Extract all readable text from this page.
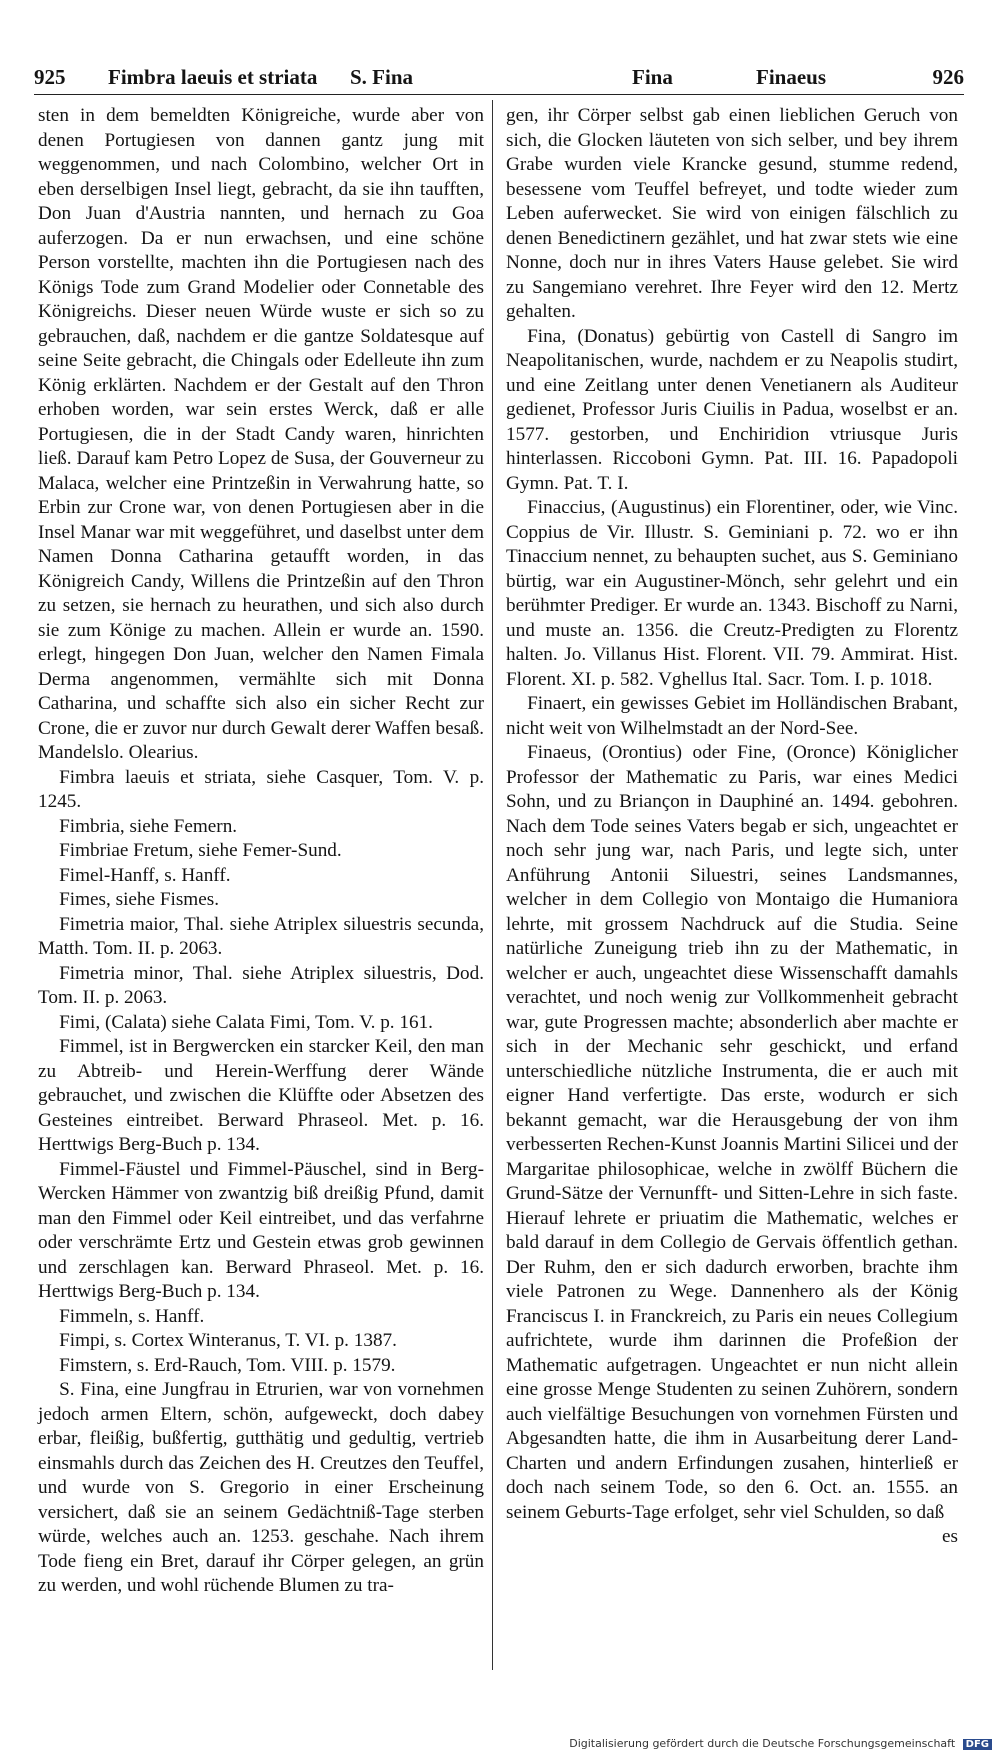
925 Fimbra laeuis et striata S. Fina	Fina	Finaeus	926

sten in dem bemeldten Königreiche, wurde aber von denen Portugiesen von dannen gantz jung mit weggenommen, und nach Colombino, welcher Ort in eben derselbigen Insel liegt, gebracht, da sie ihn taufften, Don Juan d'Austria nannten, und hernach zu Goa auferzogen. Da er nun erwachsen, und eine schöne Person vorstellte, machten ihn die Portugiesen nach des Königs Tode zum Grand Modelier oder Connetable des Königreichs. Dieser neuen Würde wuste er sich so zu gebrauchen, daß, nachdem er die gantze Soldatesque auf seine Seite gebracht, die Chingals oder Edelleute ihn zum König erklärten. Nachdem er der Gestalt auf den Thron erhoben worden, war sein erstes Werck, daß er alle Portugiesen, die in der Stadt Candy waren, hinrichten ließ. Darauf kam Petro Lopez de Susa, der Gouverneur zu Malaca, welcher eine Printzeßin in Verwahrung hatte, so Erbin zur Crone war, von denen Portugiesen aber in die Insel Manar war mit weggeführet, und daselbst unter dem Namen Donna Catharina getaufft worden, in das Königreich Candy, Willens die Printzeßin auf den Thron zu setzen, sie hernach zu heurathen, und sich also durch sie zum Könige zu machen. Allein er wurde an. 1590. erlegt, hingegen Don Juan, welcher den Namen Fimala Derma angenommen, vermählte sich mit Donna Catharina, und schaffte sich also ein sicher Recht zur Crone, die er zuvor nur durch Gewalt derer Waffen besaß. Mandelslo. Olearius.

Fimbra laeuis et striata, siehe Casquer, Tom. V. p. 1245.

Fimbria, siehe Femern.

Fimbriae Fretum, siehe Femer-Sund.

Fimel-Hanff, s. Hanff.

Fimes, siehe Fismes.

Fimetria maior, Thal. siehe Atriplex siluestris secunda, Matth. Tom. II. p. 2063.

Fimetria minor, Thal. siehe Atriplex siluestris, Dod. Tom. II. p. 2063.

Fimi, (Calata) siehe Calata Fimi, Tom. V. p. 161.

Fimmel, ist in Bergwercken ein starcker Keil, den man zu Abtreib- und Herein-Werffung derer Wände gebrauchet, und zwischen die Klüffte oder Absetzen des Gesteines eintreibet. Berward Phraseol. Met. p. 16. Herttwigs Berg-Buch p. 134.

Fimmel-Fäustel und Fimmel-Päuschel, sind in Berg-Wercken Hämmer von zwantzig biß dreißig Pfund, damit man den Fimmel oder Keil eintreibet, und das verfahrne oder verschrämte Ertz und Gestein etwas grob gewinnen und zerschlagen kan. Berward Phraseol. Met. p. 16. Herttwigs Berg-Buch p. 134.

Fimmeln, s. Hanff.

Fimpi, s. Cortex Winteranus, T. VI. p. 1387.

Fimstern, s. Erd-Rauch, Tom. VIII. p. 1579.

S. Fina, eine Jungfrau in Etrurien, war von vornehmen jedoch armen Eltern, schön, aufgeweckt, doch dabey erbar, fleißig, bußfertig, gutthätig und gedultig, vertrieb einsmahls durch das Zeichen des H. Creutzes den Teuffel, und wurde von S. Gregorio in einer Erscheinung versichert, daß sie an seinem Gedächtniß-Tage sterben würde, welches auch an. 1253. geschahe. Nach ihrem Tode fieng ein Bret, darauf ihr Cörper gelegen, an grün zu werden, und wohl rüchende Blumen zu tra-

gen, ihr Cörper selbst gab einen lieblichen Geruch von sich, die Glocken läuteten von sich selber, und bey ihrem Grabe wurden viele Krancke gesund, stumme redend, besessene vom Teuffel befreyet, und todte wieder zum Leben auferwecket. Sie wird von einigen fälschlich zu denen Benedictinern gezählet, und hat zwar stets wie eine Nonne, doch nur in ihres Vaters Hause gelebet. Sie wird zu Sangemiano verehret. Ihre Feyer wird den 12. Mertz gehalten.

Fina, (Donatus) gebürtig von Castell di Sangro im Neapolitanischen, wurde, nachdem er zu Neapolis studirt, und eine Zeitlang unter denen Venetianern als Auditeur gedienet, Professor Juris Ciuilis in Padua, woselbst er an. 1577. gestorben, und Enchiridion vtriusque Juris hinterlassen. Riccoboni Gymn. Pat. III. 16. Papadopoli Gymn. Pat. T. I.

Finaccius, (Augustinus) ein Florentiner, oder, wie Vinc. Coppius de Vir. Illustr. S. Geminiani p. 72. wo er ihn Tinaccium nennet, zu behaupten suchet, aus S. Geminiano bürtig, war ein Augustiner-Mönch, sehr gelehrt und ein berühmter Prediger. Er wurde an. 1343. Bischoff zu Narni, und muste an. 1356. die Creutz-Predigten zu Florentz halten. Jo. Villanus Hist. Florent. VII. 79. Ammirat. Hist. Florent. XI. p. 582. Vghellus Ital. Sacr. Tom. I. p. 1018.

Finaert, ein gewisses Gebiet im Holländischen Brabant, nicht weit von Wilhelmstadt an der Nord-See.

Finaeus, (Orontius) oder Fine, (Oronce) Königlicher Professor der Mathematic zu Paris, war eines Medici Sohn, und zu Briançon in Dauphiné an. 1494. gebohren. Nach dem Tode seines Vaters begab er sich, ungeachtet er noch sehr jung war, nach Paris, und legte sich, unter Anführung Antonii Siluestri, seines Landsmannes, welcher in dem Collegio von Montaigo die Humaniora lehrte, mit grossem Nachdruck auf die Studia. Seine natürliche Zuneigung trieb ihn zu der Mathematic, in welcher er auch, ungeachtet diese Wissenschafft damahls verachtet, und noch wenig zur Vollkommenheit gebracht war, gute Progressen machte; absonderlich aber machte er sich in der Mechanic sehr geschickt, und erfand unterschiedliche nützliche Instrumenta, die er auch mit eigner Hand verfertigte. Das erste, wodurch er sich bekannt gemacht, war die Herausgebung der von ihm verbesserten Rechen-Kunst Joannis Martini Silicei und der Margaritae philosophicae, welche in zwölff Büchern die Grund-Sätze der Vernunfft- und Sitten-Lehre in sich faste. Hierauf lehrete er priuatim die Mathematic, welches er bald darauf in dem Collegio de Gervais öffentlich gethan. Der Ruhm, den er sich dadurch erworben, brachte ihm viele Patronen zu Wege. Dannenhero als der König Franciscus I. in Franckreich, zu Paris ein neues Collegium aufrichtete, wurde ihm darinnen die Profeßion der Mathematic aufgetragen. Ungeachtet er nun nicht allein eine grosse Menge Studenten zu seinen Zuhörern, sondern auch vielfältige Besuchungen von vornehmen Fürsten und Abgesandten hatte, die ihm in Ausarbeitung derer Land-Charten und andern Erfindungen zusahen, hinterließ er doch nach seinem Tode, so den 6. Oct. an. 1555. an seinem Geburts-Tage erfolget, sehr viel Schulden, so daß

es

Digitalisierung gefördert durch die Deutsche Forschungsgemeinschaft DFG
